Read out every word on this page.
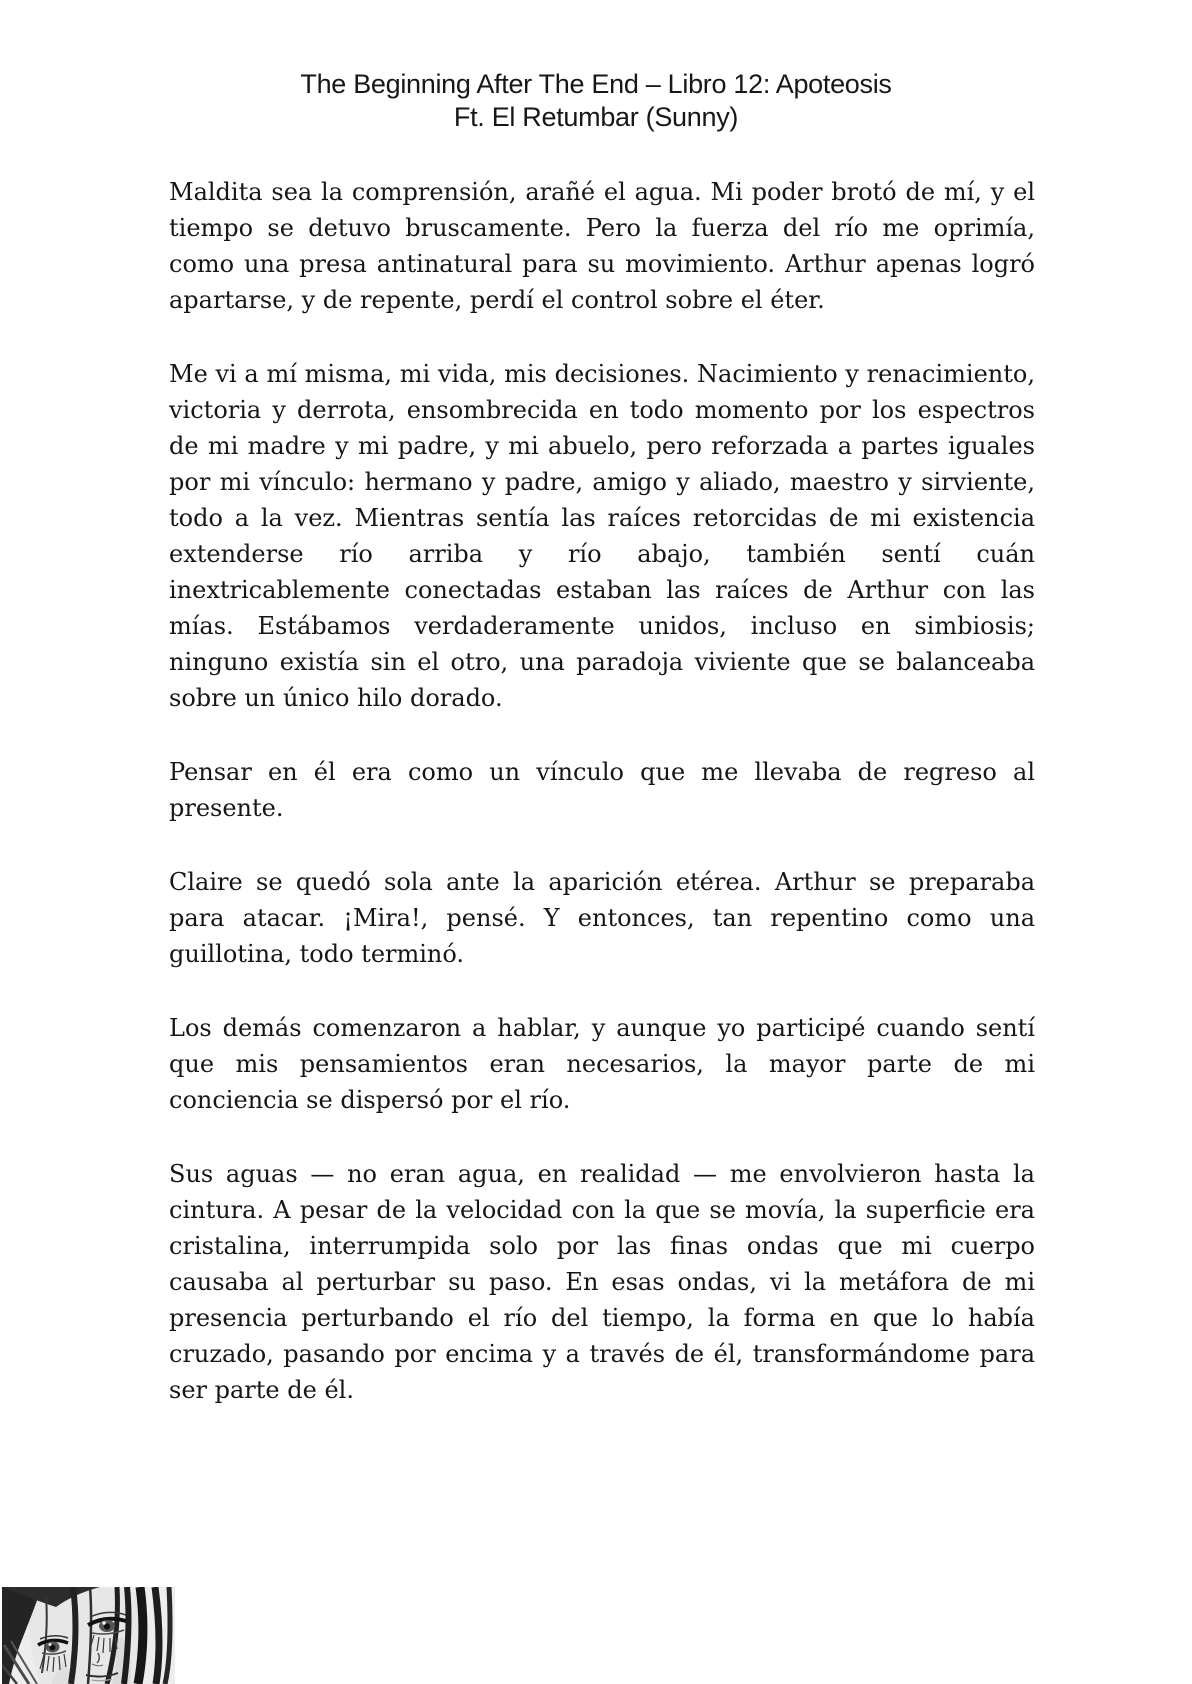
The Beginning After The End – Libro 12: Apoteosis
Ft. El Retumbar (Sunny)

Maldita sea la comprensión, arañé el agua. Mi poder brotó de mí, y el tiempo se detuvo bruscamente. Pero la fuerza del río me oprimía, como una presa antinatural para su movimiento. Arthur apenas logró apartarse, y de repente, perdí el control sobre el éter.

Me vi a mí misma, mi vida, mis decisiones. Nacimiento y renacimiento, victoria y derrota, ensombrecida en todo momento por los espectros de mi madre y mi padre, y mi abuelo, pero reforzada a partes iguales por mi vínculo: hermano y padre, amigo y aliado, maestro y sirviente, todo a la vez. Mientras sentía las raíces retorcidas de mi existencia extenderse río arriba y río abajo, también sentí cuán inextricablemente conectadas estaban las raíces de Arthur con las mías. Estábamos verdaderamente unidos, incluso en simbiosis; ninguno existía sin el otro, una paradoja viviente que se balanceaba sobre un único hilo dorado.

Pensar en él era como un vínculo que me llevaba de regreso al presente.

Claire se quedó sola ante la aparición etérea. Arthur se preparaba para atacar. ¡Mira!, pensé. Y entonces, tan repentino como una guillotina, todo terminó.

Los demás comenzaron a hablar, y aunque yo participé cuando sentí que mis pensamientos eran necesarios, la mayor parte de mi conciencia se dispersó por el río.

Sus aguas — no eran agua, en realidad — me envolvieron hasta la cintura. A pesar de la velocidad con la que se movía, la superficie era cristalina, interrumpida solo por las finas ondas que mi cuerpo causaba al perturbar su paso. En esas ondas, vi la metáfora de mi presencia perturbando el río del tiempo, la forma en que lo había cruzado, pasando por encima y a través de él, transformándome para ser parte de él.
